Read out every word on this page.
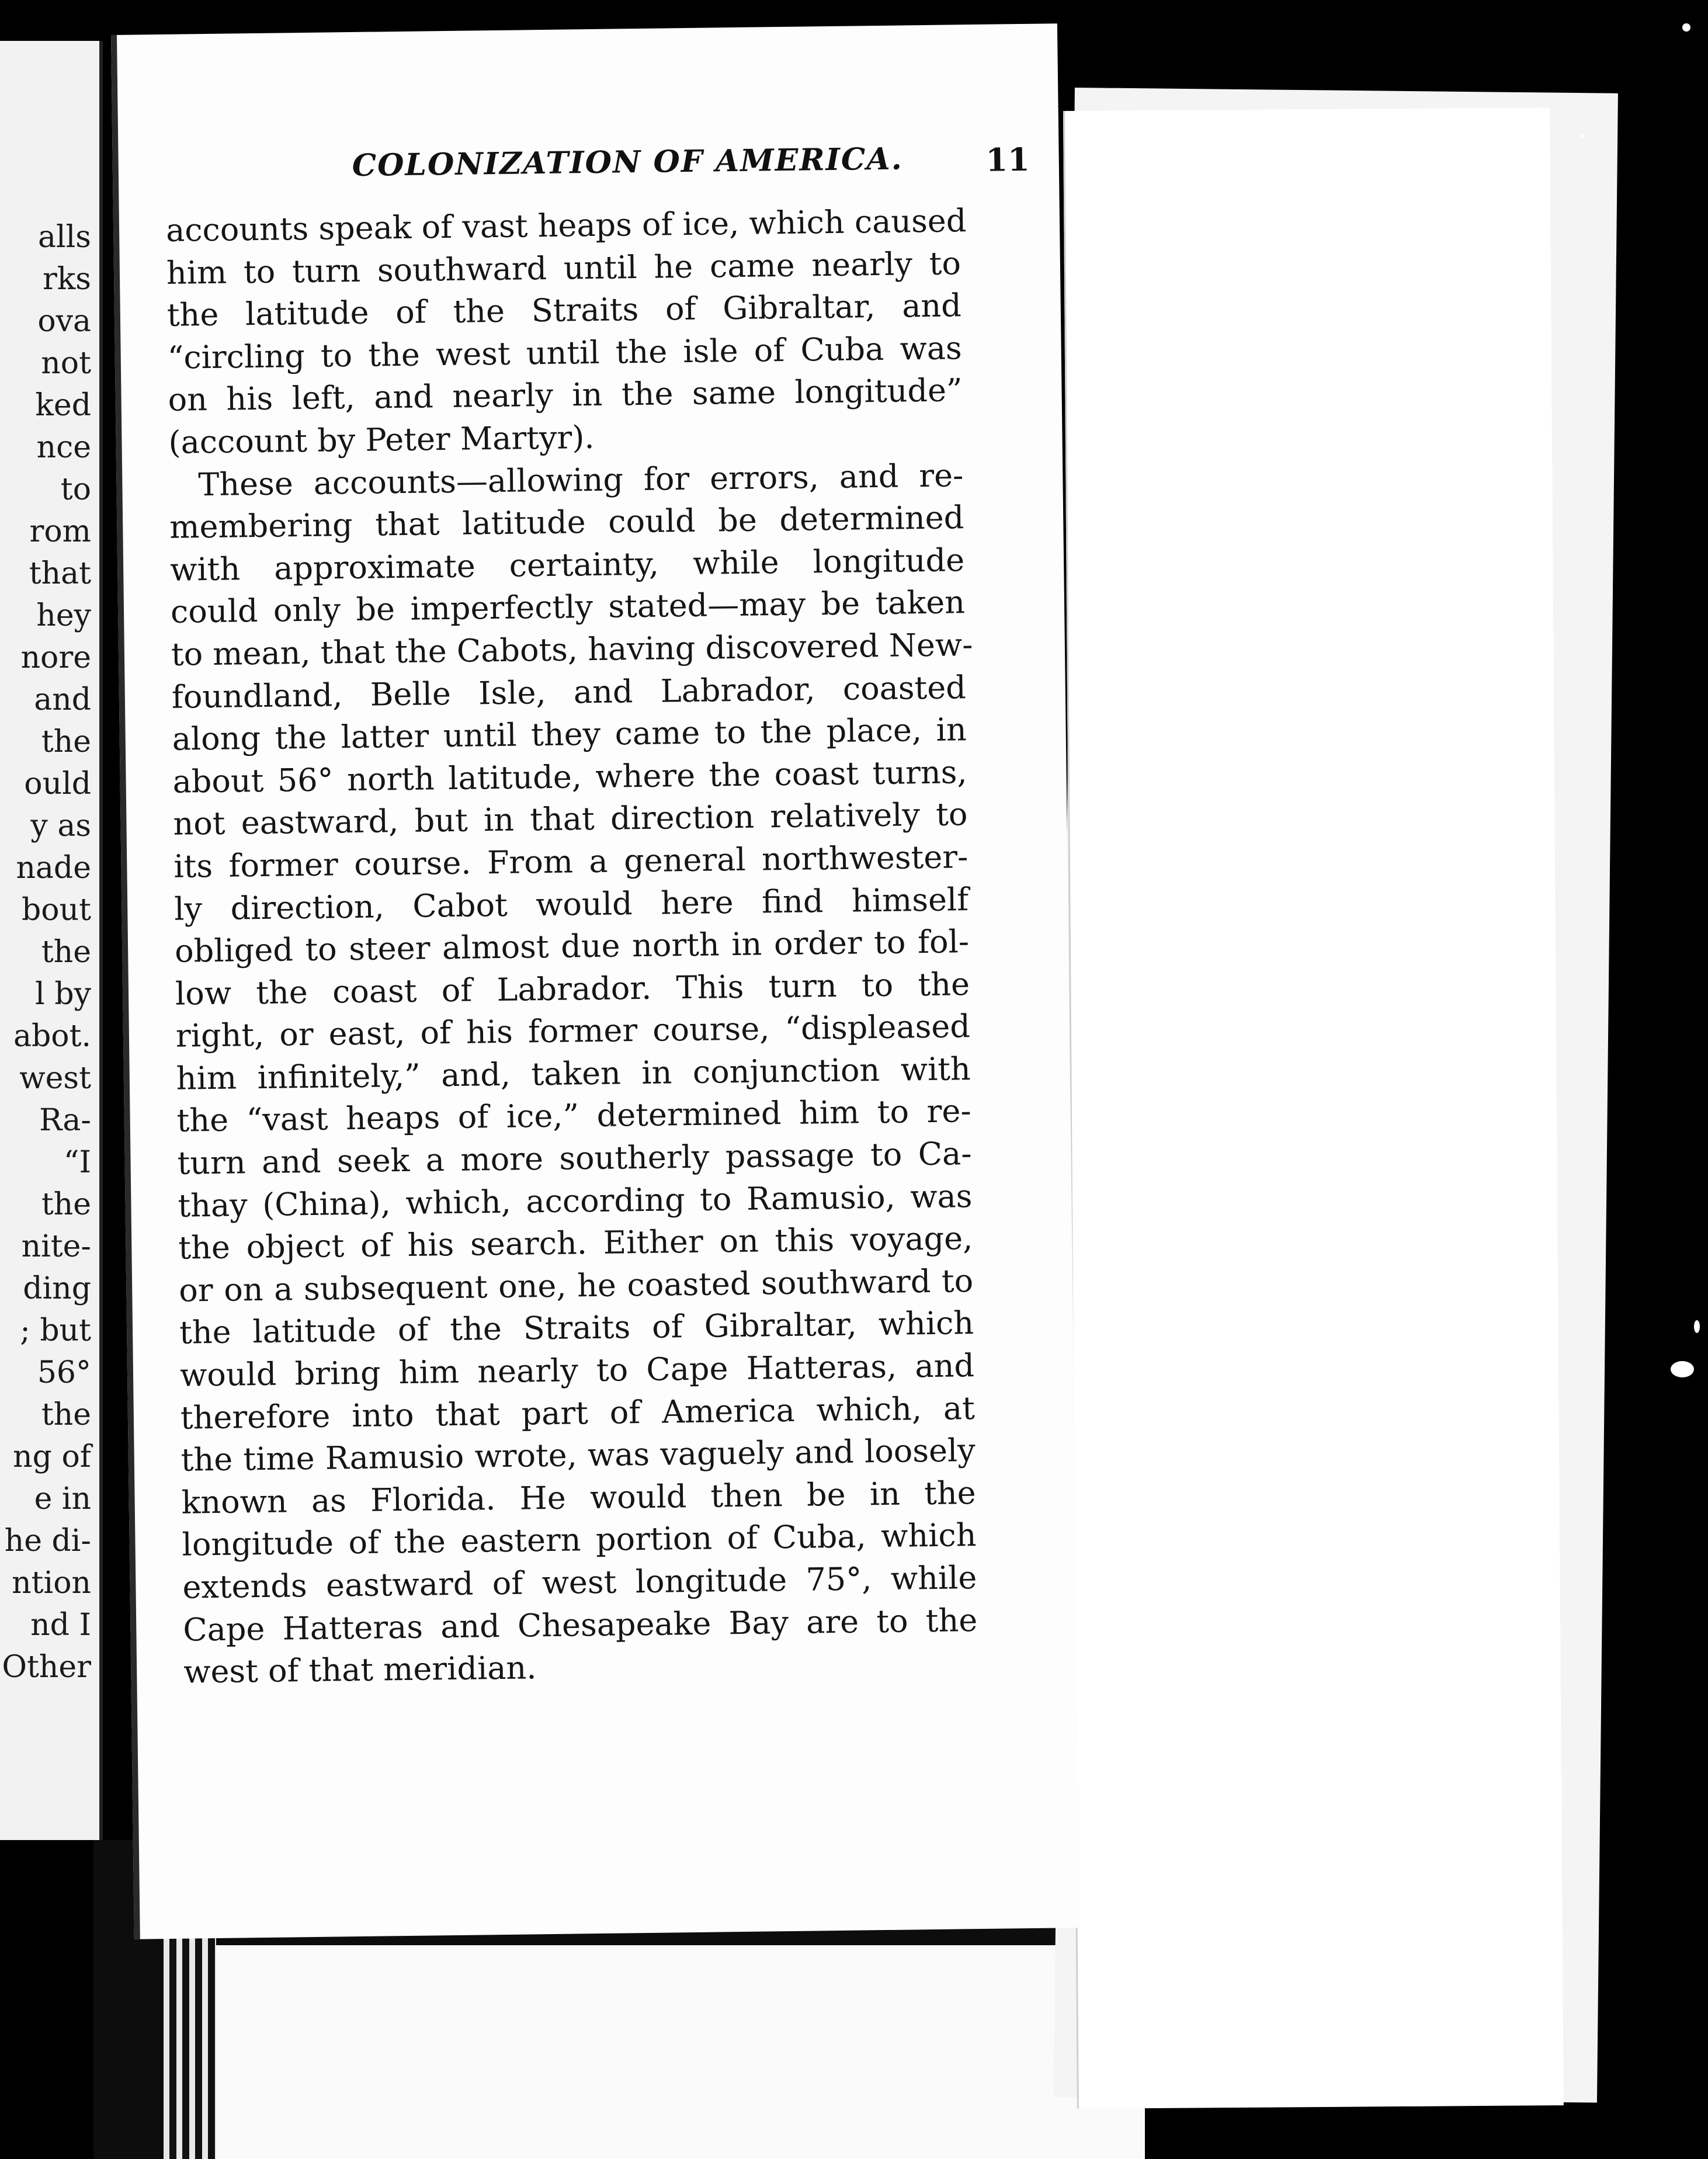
alls
rks
ova
not
ked
nce
to
rom
that
hey
nore
and
the
ould
y as
nade
bout
the
l by
abot.
west
Ra-
“I
the
nite-
ding
; but
56°
the
ng of
e in
he di-
ntion
nd I
Other
COLONIZATION OF AMERICA.	11
accounts speak of vast heaps of ice, which caused
him to turn southward until he came nearly to
the latitude of the Straits of Gibraltar, and
“circling to the west until the isle of Cuba was
on his left, and nearly in the same longitude”
(account by Peter Martyr).
These accounts—allowing for errors, and re-
membering that latitude could be determined
with approximate certainty, while longitude
could only be imperfectly stated—may be taken
to mean, that the Cabots, having discovered New-
foundland, Belle Isle, and Labrador, coasted
along the latter until they came to the place, in
about 56° north latitude, where the coast turns,
not eastward, but in that direction relatively to
its former course. From a general northwester-
ly direction, Cabot would here find himself
obliged to steer almost due north in order to fol-
low the coast of Labrador. This turn to the
right, or east, of his former course, “displeased
him infinitely,” and, taken in conjunction with
the “vast heaps of ice,” determined him to re-
turn and seek a more southerly passage to Ca-
thay (China), which, according to Ramusio, was
the object of his search. Either on this voyage,
or on a subsequent one, he coasted southward to
the latitude of the Straits of Gibraltar, which
would bring him nearly to Cape Hatteras, and
therefore into that part of America which, at
the time Ramusio wrote, was vaguely and loosely
known as Florida. He would then be in the
longitude of the eastern portion of Cuba, which
extends eastward of west longitude 75°, while
Cape Hatteras and Chesapeake Bay are to the
west of that meridian.
